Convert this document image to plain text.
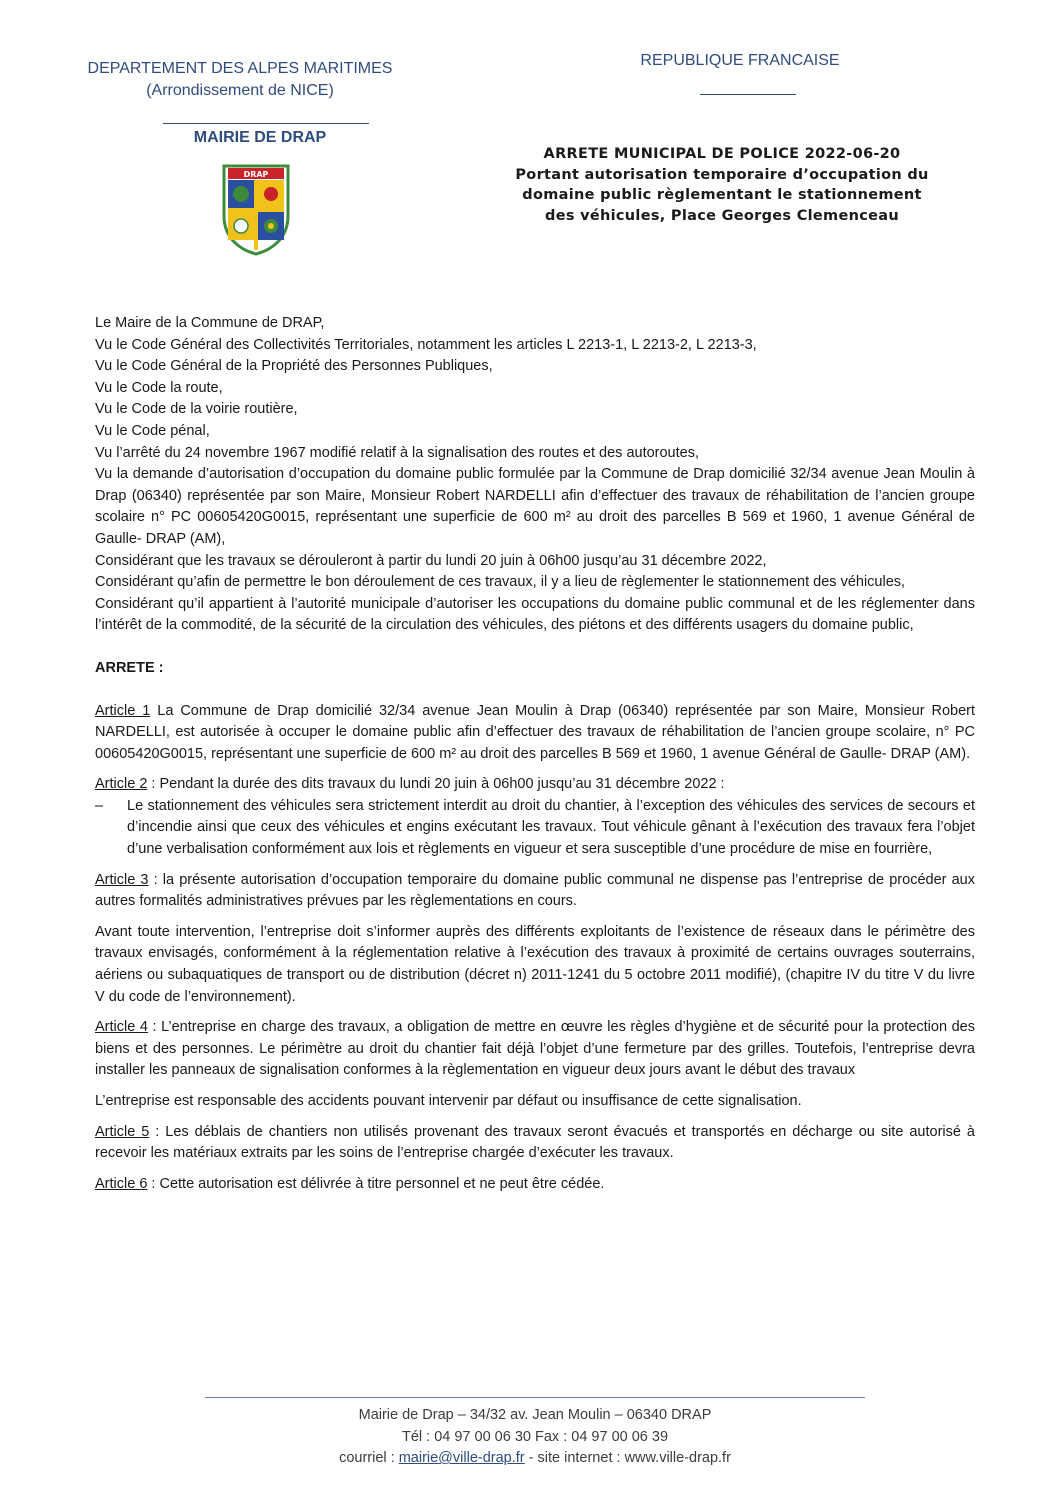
DEPARTEMENT DES ALPES MARITIMES
(Arrondissement de NICE)
MAIRIE DE DRAP
DRAP
REPUBLIQUE FRANCAISE
ARRETE MUNICIPAL DE POLICE 2022-06-20
Portant autorisation temporaire d’occupation du
domaine public règlementant le stationnement
des véhicules, Place Georges Clemenceau

Le Maire de la Commune de DRAP,

Vu le Code Général des Collectivités Territoriales, notamment les articles L 2213-1, L 2213-2, L 2213-3,

Vu le Code Général de la Propriété des Personnes Publiques,

Vu le Code la route,

Vu le Code de la voirie routière,

Vu le Code pénal,

Vu l’arrêté du 24 novembre 1967 modifié relatif à la signalisation des routes et des autoroutes,

Vu la demande d’autorisation d’occupation du domaine public formulée par la Commune de Drap domicilié 32/34 avenue Jean Moulin à Drap (06340) représentée par son Maire, Monsieur Robert NARDELLI afin d’effectuer des travaux de réhabilitation de l’ancien groupe scolaire n° PC 00605420G0015, représentant une superficie de 600 m² au droit des parcelles B 569 et 1960, 1 avenue Général de Gaulle- DRAP (AM),

Considérant que les travaux se dérouleront à partir du lundi 20 juin à 06h00 jusqu’au 31 décembre 2022,

Considérant qu’afin de permettre le bon déroulement de ces travaux, il y a lieu de règlementer le stationnement des véhicules,

Considérant qu’il appartient à l’autorité municipale d’autoriser les occupations du domaine public communal et de les réglementer dans l’intérêt de la commodité, de la sécurité de la circulation des véhicules, des piétons et des différents usagers du domaine public,

ARRETE :

Article 1 La Commune de Drap domicilié 32/34 avenue Jean Moulin à Drap (06340) représentée par son Maire, Monsieur Robert NARDELLI, est autorisée à occuper le domaine public afin d’effectuer des travaux de réhabilitation de l’ancien groupe scolaire, n° PC 00605420G0015, représentant une superficie de 600 m² au droit des parcelles B 569 et 1960, 1 avenue Général de Gaulle- DRAP (AM).

Article 2 : Pendant la durée des dits travaux du lundi 20 juin à 06h00 jusqu’au 31 décembre 2022 :

–	Le stationnement des véhicules sera strictement interdit au droit du chantier, à l’exception des véhicules des services de secours et d’incendie ainsi que ceux des véhicules et engins exécutant les travaux. Tout véhicule gênant à l’exécution des travaux fera l’objet d’une verbalisation conformément aux lois et règlements en vigueur et sera susceptible d’une procédure de mise en fourrière,

Article 3 : la présente autorisation d’occupation temporaire du domaine public communal ne dispense pas l’entreprise de procéder aux autres formalités administratives prévues par les règlementations en cours.

Avant toute intervention, l’entreprise doit s’informer auprès des différents exploitants de l’existence de réseaux dans le périmètre des travaux envisagés, conformément à la réglementation relative à l’exécution des travaux à proximité de certains ouvrages souterrains, aériens ou subaquatiques de transport ou de distribution (décret n) 2011-1241 du 5 octobre 2011 modifié), (chapitre IV du titre V du livre V du code de l’environnement).

Article 4 : L’entreprise en charge des travaux, a obligation de mettre en œuvre les règles d’hygiène et de sécurité pour la protection des biens et des personnes. Le périmètre au droit du chantier fait déjà l’objet d’une fermeture par des grilles. Toutefois, l’entreprise devra installer les panneaux de signalisation conformes à la règlementation en vigueur deux jours avant le début des travaux

L’entreprise est responsable des accidents pouvant intervenir par défaut ou insuffisance de cette signalisation.

Article 5 : Les déblais de chantiers non utilisés provenant des travaux seront évacués et transportés en décharge ou site autorisé à recevoir les matériaux extraits par les soins de l’entreprise chargée d’exécuter les travaux.

Article 6 : Cette autorisation est délivrée à titre personnel et ne peut être cédée.

Mairie de Drap – 34/32 av. Jean Moulin – 06340 DRAP
Tél : 04 97 00 06 30 Fax : 04 97 00 06 39
courriel : mairie@ville-drap.fr - site internet : www.ville-drap.fr
